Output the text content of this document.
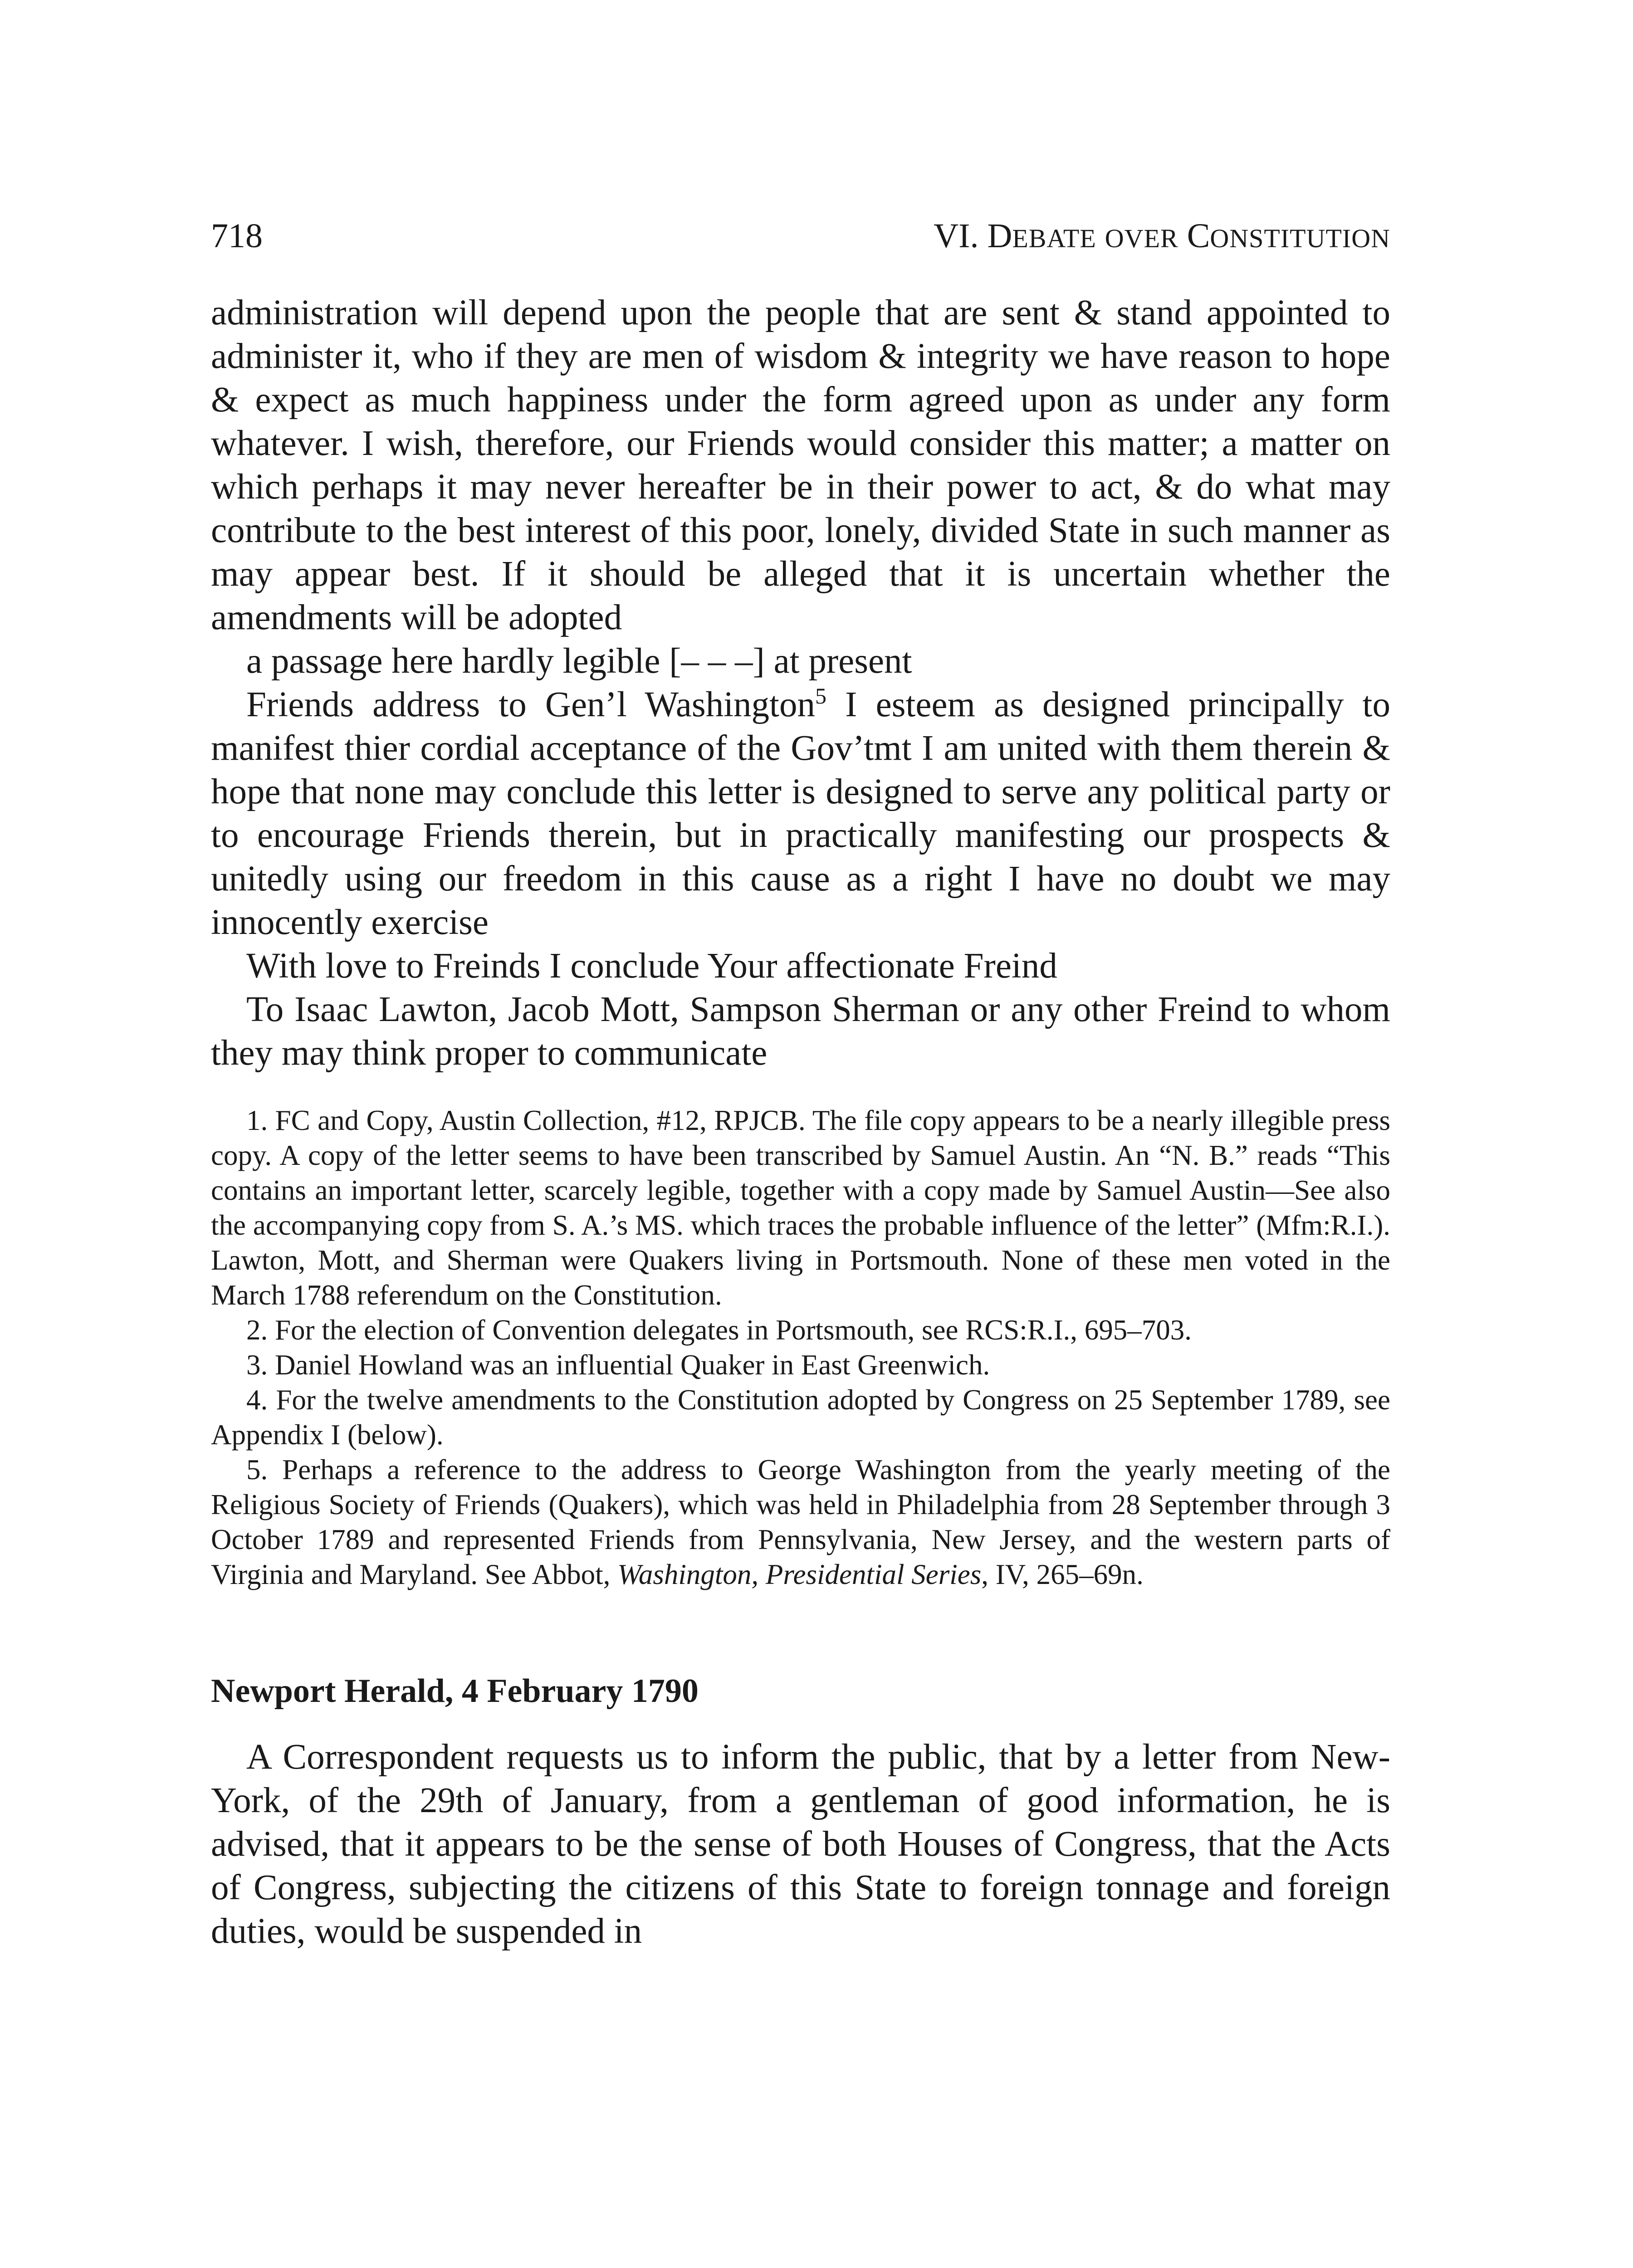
718	VI. DEBATE OVER CONSTITUTION

administration will depend upon the people that are sent & stand appointed to administer it, who if they are men of wisdom & integrity we have reason to hope & expect as much happiness under the form agreed upon as under any form whatever. I wish, therefore, our Friends would consider this matter; a matter on which perhaps it may never hereafter be in their power to act, & do what may contribute to the best interest of this poor, lonely, divided State in such manner as may appear best. If it should be alleged that it is uncertain whether the amendments will be adopted

a passage here hardly legible [– – –] at present

Friends address to Gen’l Washington$^5$ I esteem as designed principally to manifest thier cordial acceptance of the Gov’tmt I am united with them therein & hope that none may conclude this letter is designed to serve any political party or to encourage Friends therein, but in practically manifesting our prospects & unitedly using our freedom in this cause as a right I have no doubt we may innocently exercise

With love to Freinds I conclude Your affectionate Freind

To Isaac Lawton, Jacob Mott, Sampson Sherman or any other Freind to whom they may think proper to communicate

1. FC and Copy, Austin Collection, #12, RPJCB. The file copy appears to be a nearly illegible press copy. A copy of the letter seems to have been transcribed by Samuel Austin. An “N. B.” reads “This contains an important letter, scarcely legible, together with a copy made by Samuel Austin—See also the accompanying copy from S. A.’s MS. which traces the probable influence of the letter” (Mfm:R.I.). Lawton, Mott, and Sherman were Quakers living in Portsmouth. None of these men voted in the March 1788 referendum on the Constitution.

2. For the election of Convention delegates in Portsmouth, see RCS:R.I., 695–703.

3. Daniel Howland was an influential Quaker in East Greenwich.

4. For the twelve amendments to the Constitution adopted by Congress on 25 September 1789, see Appendix I (below).

5. Perhaps a reference to the address to George Washington from the yearly meeting of the Religious Society of Friends (Quakers), which was held in Philadelphia from 28 September through 3 October 1789 and represented Friends from Pennsylvania, New Jersey, and the western parts of Virginia and Maryland. See Abbot, Washington, Presidential Series, IV, 265–69n.

Newport Herald, 4 February 1790

A Correspondent requests us to inform the public, that by a letter from New-York, of the 29th of January, from a gentleman of good information, he is advised, that it appears to be the sense of both Houses of Congress, that the Acts of Congress, subjecting the citizens of this State to foreign tonnage and foreign duties, would be suspended in
